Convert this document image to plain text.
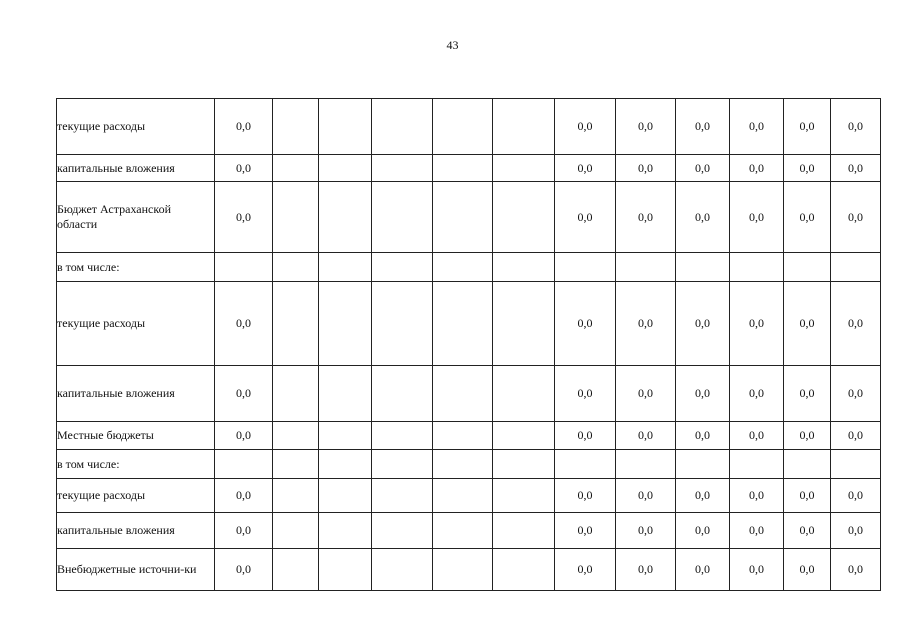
43
текущие расходы	0,0						0,0	0,0	0,0	0,0	0,0	0,0
капитальные вложения	0,0						0,0	0,0	0,0	0,0	0,0	0,0
Бюджет Астраханской области	0,0						0,0	0,0	0,0	0,0	0,0	0,0
в том числе:												
текущие расходы	0,0						0,0	0,0	0,0	0,0	0,0	0,0
капитальные вложения	0,0						0,0	0,0	0,0	0,0	0,0	0,0
Местные бюджеты	0,0						0,0	0,0	0,0	0,0	0,0	0,0
в том числе:												
текущие расходы	0,0						0,0	0,0	0,0	0,0	0,0	0,0
капитальные вложения	0,0						0,0	0,0	0,0	0,0	0,0	0,0
Внебюджетные источни-ки	0,0						0,0	0,0	0,0	0,0	0,0	0,0
